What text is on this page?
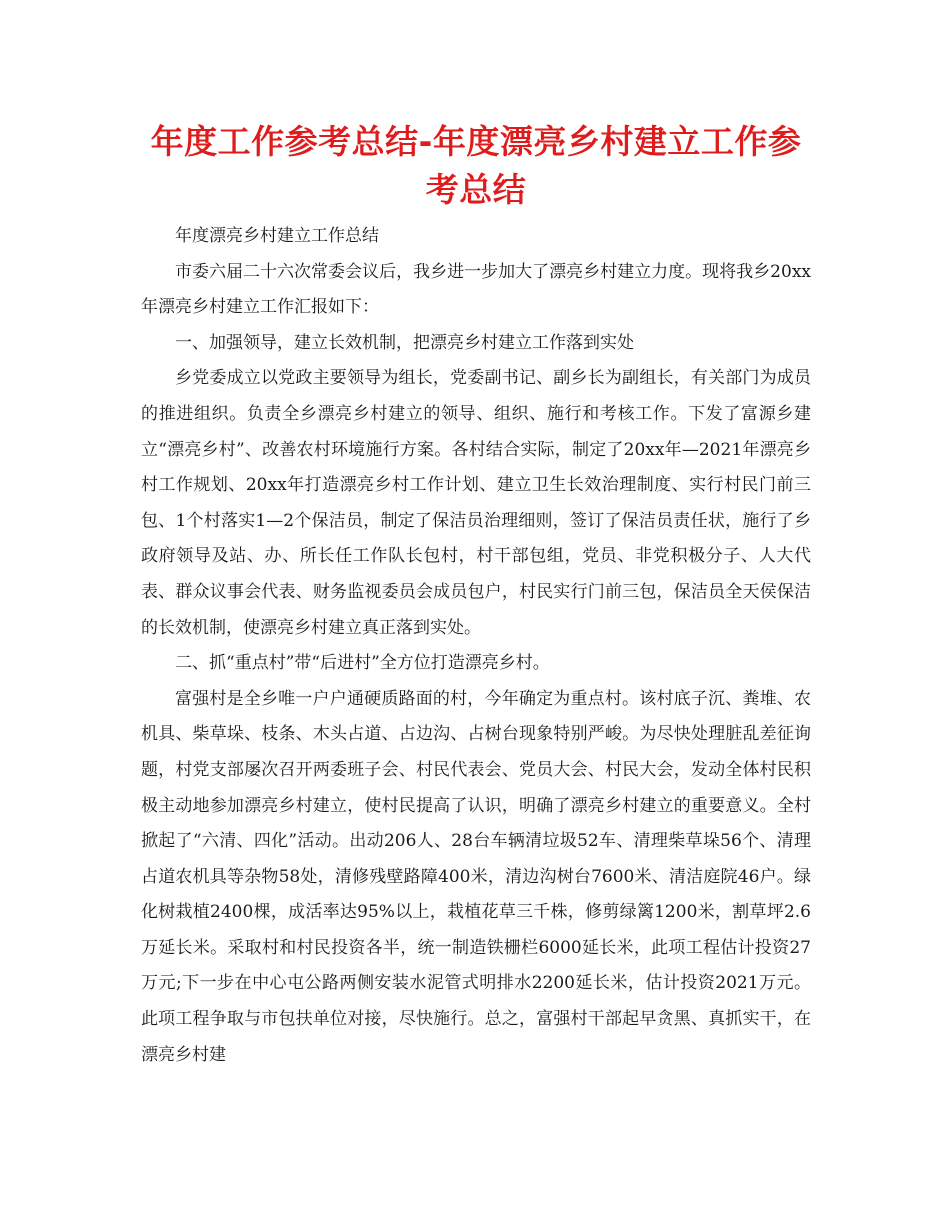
年度工作参考总结-年度漂亮乡村建立工作参考总结

年度漂亮乡村建立工作总结

市委六届二十六次常委会议后，我乡进一步加大了漂亮乡村建立力度。现将我乡20xx年漂亮乡村建立工作汇报如下：

一、加强领导，建立长效机制，把漂亮乡村建立工作落到实处

乡党委成立以党政主要领导为组长，党委副书记、副乡长为副组长，有关部门为成员的推进组织。负责全乡漂亮乡村建立的领导、组织、施行和考核工作。下发了富源乡建立“漂亮乡村”、改善农村环境施行方案。各村结合实际，制定了20xx年—2021年漂亮乡村工作规划、20xx年打造漂亮乡村工作计划、建立卫生长效治理制度、实行村民门前三包、1个村落实1—2个保洁员，制定了保洁员治理细则，签订了保洁员责任状，施行了乡政府领导及站、办、所长任工作队长包村，村干部包组，党员、非党积极分子、人大代表、群众议事会代表、财务监视委员会成员包户，村民实行门前三包，保洁员全天侯保洁的长效机制，使漂亮乡村建立真正落到实处。

二、抓“重点村”带“后进村”全方位打造漂亮乡村。

富强村是全乡唯一户户通硬质路面的村，今年确定为重点村。该村底子沉、粪堆、农机具、柴草垛、枝条、木头占道、占边沟、占树台现象特别严峻。为尽快处理脏乱差征询题，村党支部屡次召开两委班子会、村民代表会、党员大会、村民大会，发动全体村民积极主动地参加漂亮乡村建立，使村民提高了认识，明确了漂亮乡村建立的重要意义。全村掀起了“六清、四化”活动。出动206人、28台车辆清垃圾52车、清理柴草垛56个、清理占道农机具等杂物58处，清修残壁路障400米，清边沟树台7600米、清洁庭院46户。绿化树栽植2400棵，成活率达95%以上，栽植花草三千株，修剪绿篱1200米，割草坪2.6万延长米。采取村和村民投资各半，统一制造铁栅栏6000延长米，此项工程估计投资27万元;下一步在中心屯公路两侧安装水泥管式明排水2200延长米，估计投资2021万元。此项工程争取与市包扶单位对接，尽快施行。总之，富强村干部起早贪黑、真抓实干，在漂亮乡村建
